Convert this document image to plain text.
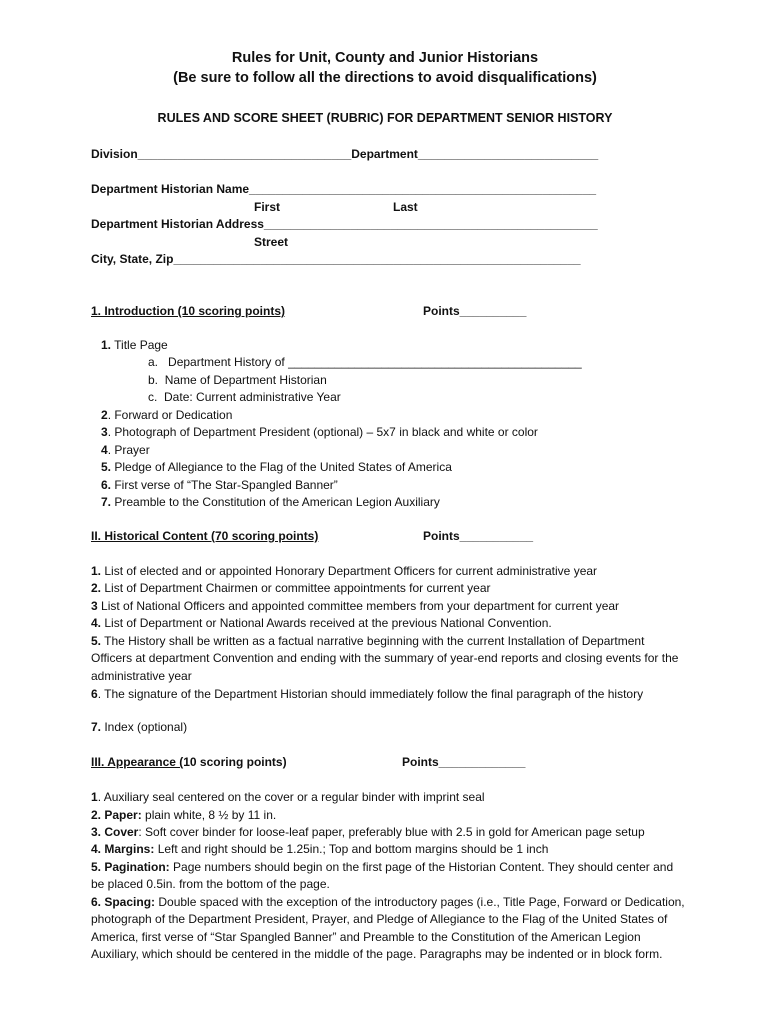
Rules for Unit, County and Junior Historians
(Be sure to follow all the directions to avoid disqualifications)
RULES AND SCORE SHEET (RUBRIC) FOR DEPARTMENT SENIOR HISTORY
Division________________________________Department___________________________
Department Historian Name____________________________________________________
First	Last
Department Historian Address__________________________________________________
Street
City, State, Zip_____________________________________________________________
1. Introduction (10 scoring points)	Points__________
1. Title Page
a. Department History of ____________________________________________
b. Name of Department Historian
c. Date: Current administrative Year
2. Forward or Dedication
3. Photograph of Department President (optional) – 5x7 in black and white or color
4. Prayer
5. Pledge of Allegiance to the Flag of the United States of America
6. First verse of “The Star-Spangled Banner”
7. Preamble to the Constitution of the American Legion Auxiliary
II. Historical Content (70 scoring points)	Points___________
1. List of elected and or appointed Honorary Department Officers for current administrative year
2. List of Department Chairmen or committee appointments for current year
3 List of National Officers and appointed committee members from your department for current year
4. List of Department or National Awards received at the previous National Convention.
5. The History shall be written as a factual narrative beginning with the current Installation of Department Officers at department Convention and ending with the summary of year-end reports and closing events for the administrative year
6. The signature of the Department Historian should immediately follow the final paragraph of the history
7. Index (optional)
III. Appearance (10 scoring points)	Points_____________
1. Auxiliary seal centered on the cover or a regular binder with imprint seal
2. Paper: plain white, 8 ½ by 11 in.
3. Cover: Soft cover binder for loose-leaf paper, preferably blue with 2.5 in gold for American page setup
4. Margins: Left and right should be 1.25in.; Top and bottom margins should be 1 inch
5. Pagination: Page numbers should begin on the first page of the Historian Content. They should center and be placed 0.5in. from the bottom of the page.
6. Spacing: Double spaced with the exception of the introductory pages (i.e., Title Page, Forward or Dedication, photograph of the Department President, Prayer, and Pledge of Allegiance to the Flag of the United States of America, first verse of “Star Spangled Banner” and Preamble to the Constitution of the American Legion Auxiliary, which should be centered in the middle of the page. Paragraphs may be indented or in block form.
